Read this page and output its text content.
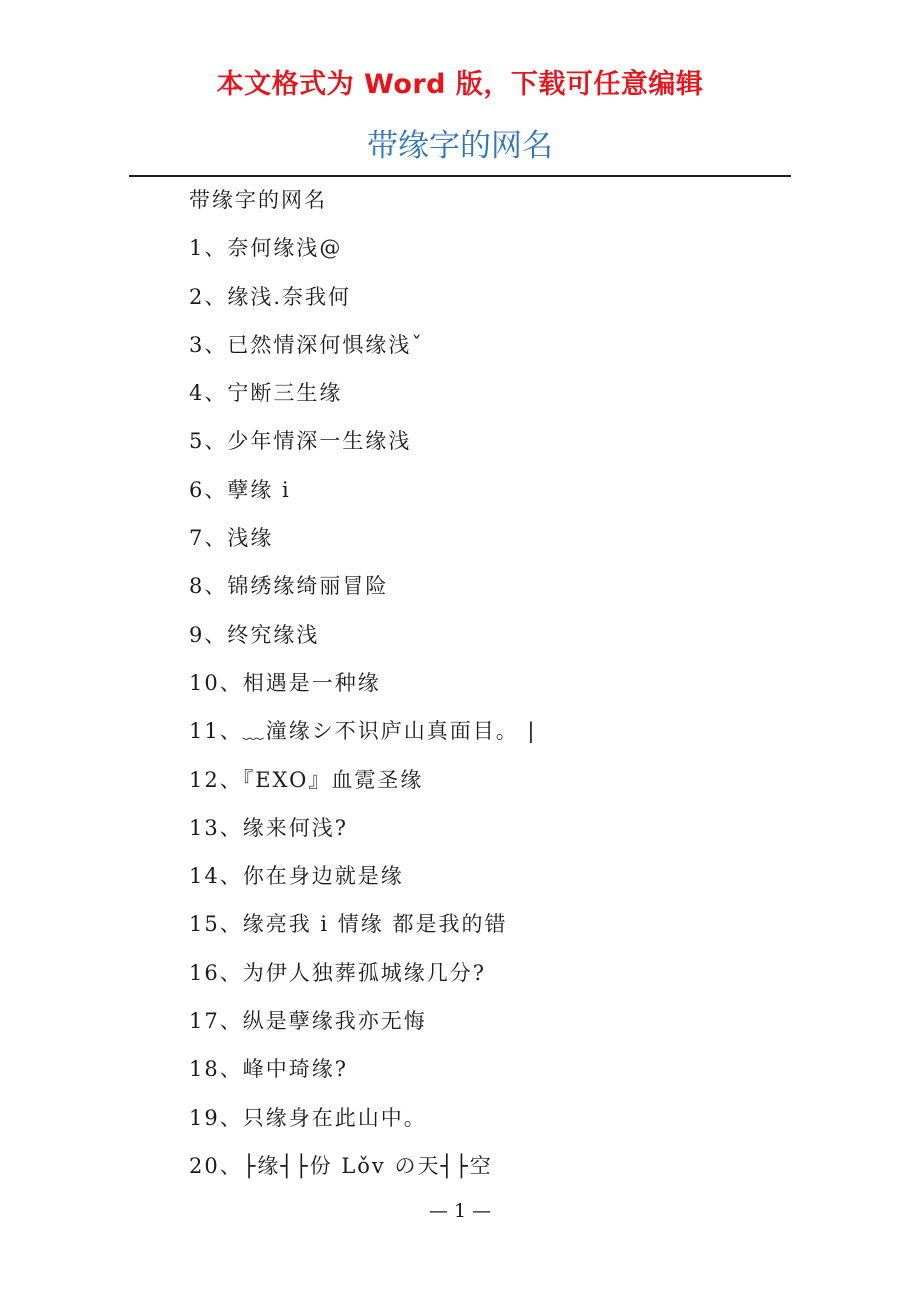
本文格式为 Word 版，下载可任意编辑
带缘字的网名
带缘字的网名
1、奈何缘浅@
2、缘浅.奈我何
3、已然情深何惧缘浅ˇ
4、宁断三生缘
5、少年情深一生缘浅
6、孽缘 i
7、浅缘
8、锦绣缘绮丽冒险
9、终究缘浅
10、相遇是一种缘
11、﹏潼缘シ不识庐山真面目。 |
12、『EXO』血霓圣缘
13、缘来何浅?
14、你在身边就是缘
15、缘亮我 i 情缘 都是我的错
16、为伊人独葬孤城缘几分?
17、纵是孽缘我亦无悔
18、峰中琦缘?
19、只缘身在此山中。
20、├缘┤├份 Lǒv の天┤├空
— 1 —
